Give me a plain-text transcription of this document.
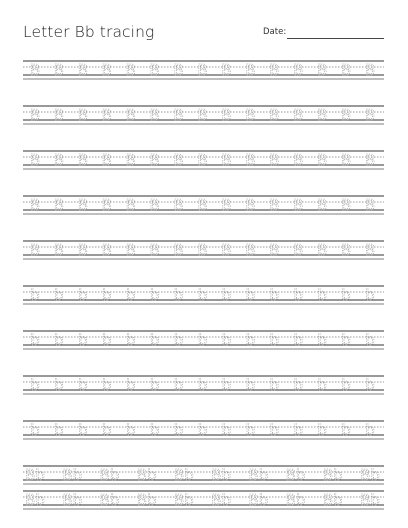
Letter Bb tracing	Date:
B B B B B B B B B B B B B B B
B B B B B B B B B B B B B B B
B B B B B B B B B B B B B B B
B B B B B B B B B B B B B B B
B B B B B B B B B B B B B B B
b b b b b b b b b b b b b b b
b b b b b b b b b b b b b b b
b b b b b b b b b b b b b b b
b b b b b b b b b b b b b b b
Bb Bb Bb Bb Bb Bb Bb Bb Bb Bb
Bb Bb Bb Bb Bb Bb Bb Bb Bb Bb
